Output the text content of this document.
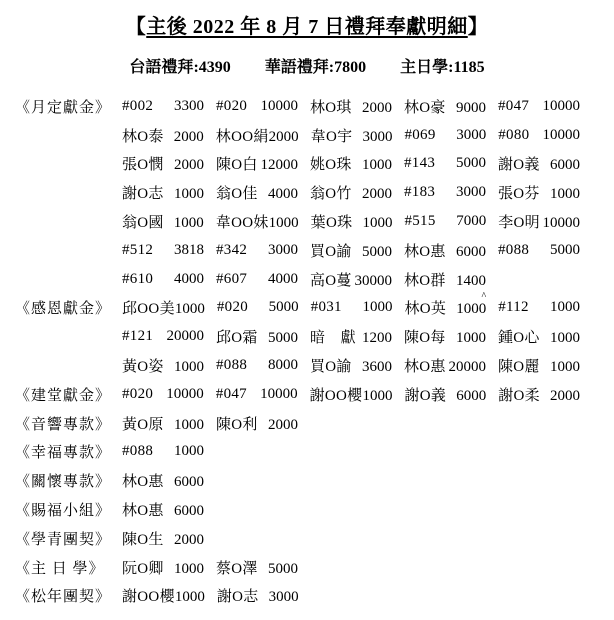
【主後 2022 年 8 月 7 日禮拜奉獻明細】
台語禮拜:4390 華語禮拜:7800 主日學:1185
《月定獻金》 #002 3300 #020 10000 林O琪 2000 林O豪 9000 #047 10000
林O泰 2000 林OO絹 2000 韋O宇 3000 #069 3000 #080 10000
張O憫 2000 陳O白 12000 姚O珠 1000 #143 5000 謝O義 6000
謝O志 1000 翁O佳 4000 翁O竹 2000 #183 3000 張O芬 1000
翁O國 1000 韋OO妹 1000 葉O珠 1000 #515 7000 李O明 10000
#512 3818 #342 3000 買O諭 5000 林O惠 6000 #088 5000
#610 4000 #607 4000 高O蔓 30000 林O群 1400
《感恩獻金》 邱OO美 1000 #020 5000 #031 1000 林O英 1000
^
#112 1000
#121 20000 邱O霜 5000 暗　獻 1200 陳O每 1000 鍾O心 1000
黃O姿 1000 #088 8000 買O諭 3600 林O惠 20000 陳O麗 1000
《建堂獻金》 #020 10000 #047 10000 謝OO櫻 1000 謝O義 6000 謝O柔 2000
《音響專款》 黃O原 1000 陳O利 2000
《幸福專款》 #088 1000
《關懷專款》 林O惠 6000
《賜福小組》 林O惠 6000
《學青團契》 陳O生 2000
《主 日 學》	阮O卿 1000 蔡O澤 5000
《松年團契》 謝OO櫻 1000 謝O志 3000
